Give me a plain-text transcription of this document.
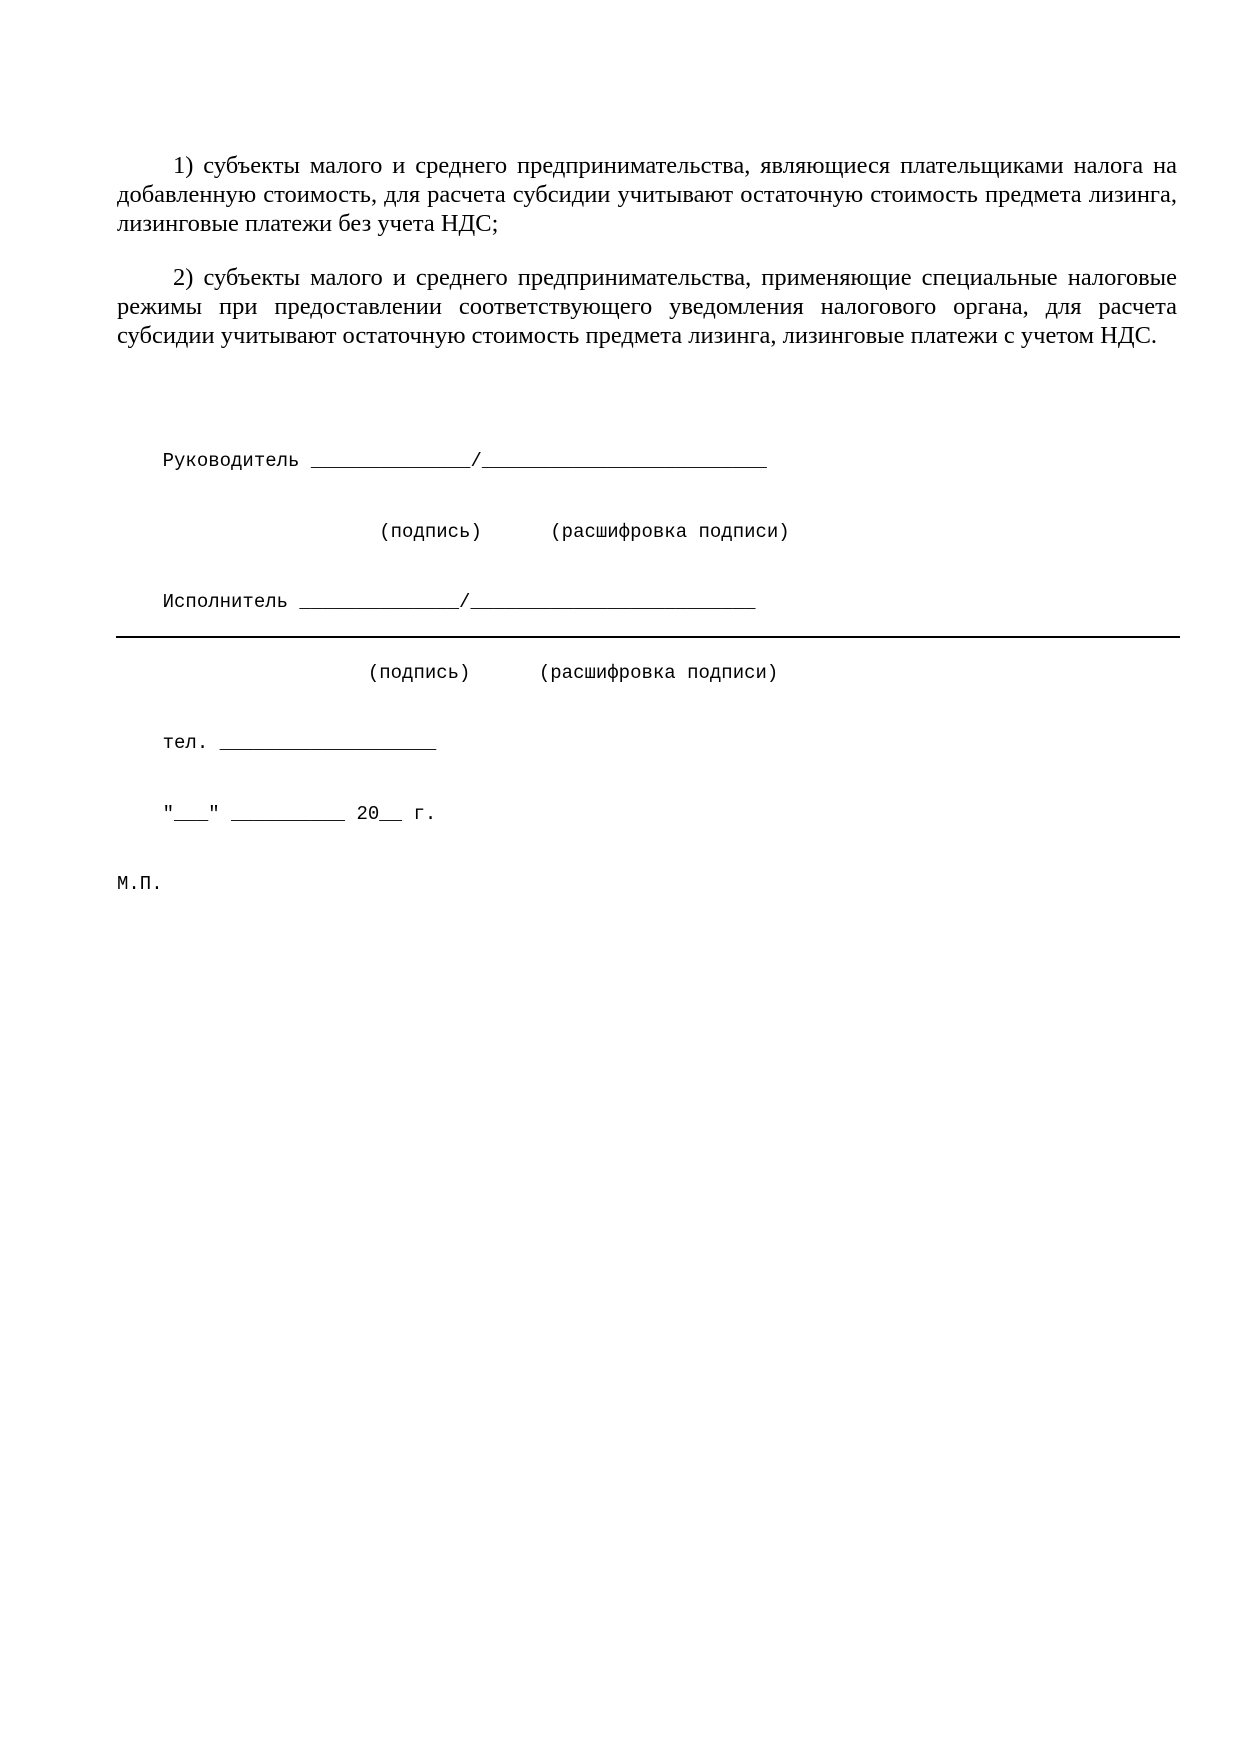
1) субъекты малого и среднего предпринимательства, являющиеся плательщиками налога на добавленную стоимость, для расчета субсидии учитывают остаточную стоимость предмета лизинга, лизинговые платежи без учета НДС;

2) субъекты малого и среднего предпринимательства, применяющие специальные налоговые режимы при предоставлении соответствующего уведомления налогового органа, для расчета субсидии учитывают остаточную стоимость предмета лизинга, лизинговые платежи с учетом НДС.

Руководитель ______________/_________________________

(подпись)      (расшифровка подписи)

Исполнитель ______________/_________________________

(подпись)      (расшифровка подписи)

тел. ___________________

"___" __________ 20__ г.

М.П.
